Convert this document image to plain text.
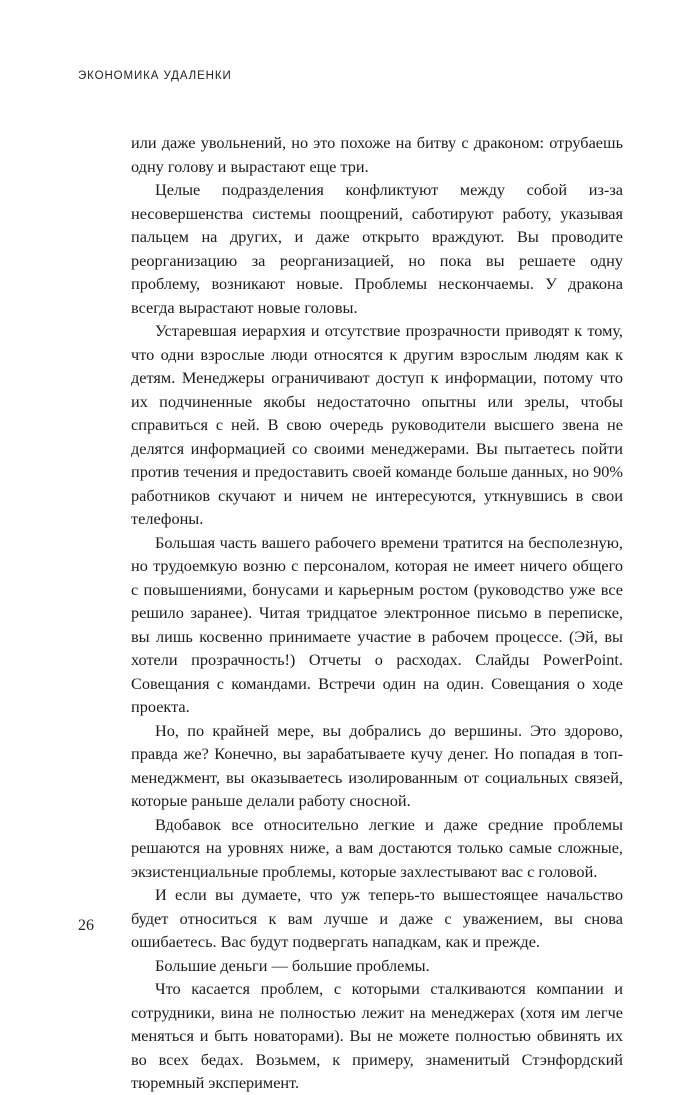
ЭКОНОМИКА УДАЛЕНКИ

или даже увольнений, но это похоже на битву с драконом: отрубаешь одну голову и вырастают еще три.

Целые подразделения конфликтуют между собой из-за несовершенства системы поощрений, саботируют работу, указывая пальцем на других, и даже открыто враждуют. Вы проводите реорганизацию за реорганизацией, но пока вы решаете одну проблему, возникают новые. Проблемы нескончаемы. У дракона всегда вырастают новые головы.

Устаревшая иерархия и отсутствие прозрачности приводят к тому, что одни взрослые люди относятся к другим взрослым людям как к детям. Менеджеры ограничивают доступ к информации, потому что их подчиненные якобы недостаточно опытны или зрелы, чтобы справиться с ней. В свою очередь руководители высшего звена не делятся информацией со своими менеджерами. Вы пытаетесь пойти против течения и предоставить своей команде больше данных, но 90% работников скучают и ничем не интересуются, уткнувшись в свои телефоны.

Большая часть вашего рабочего времени тратится на бесполезную, но трудоемкую возню с персоналом, которая не имеет ничего общего с повышениями, бонусами и карьерным ростом (руководство уже все решило заранее). Читая тридцатое электронное письмо в переписке, вы лишь косвенно принимаете участие в рабочем процессе. (Эй, вы хотели прозрачность!) Отчеты о расходах. Слайды PowerPoint. Совещания с командами. Встречи один на один. Совещания о ходе проекта.

Но, по крайней мере, вы добрались до вершины. Это здорово, правда же? Конечно, вы зарабатываете кучу денег. Но попадая в топ-менеджмент, вы оказываетесь изолированным от социальных связей, которые раньше делали работу сносной.

Вдобавок все относительно легкие и даже средние проблемы решаются на уровнях ниже, а вам достаются только самые сложные, экзистенциальные проблемы, которые захлестывают вас с головой.

И если вы думаете, что уж теперь-то вышестоящее начальство будет относиться к вам лучше и даже с уважением, вы снова ошибаетесь. Вас будут подвергать нападкам, как и прежде.

Большие деньги — большие проблемы.

Что касается проблем, с которыми сталкиваются компании и сотрудники, вина не полностью лежит на менеджерах (хотя им легче меняться и быть новаторами). Вы не можете полностью обвинять их во всех бедах. Возьмем, к примеру, знаменитый Стэнфордский тюремный эксперимент.

26
